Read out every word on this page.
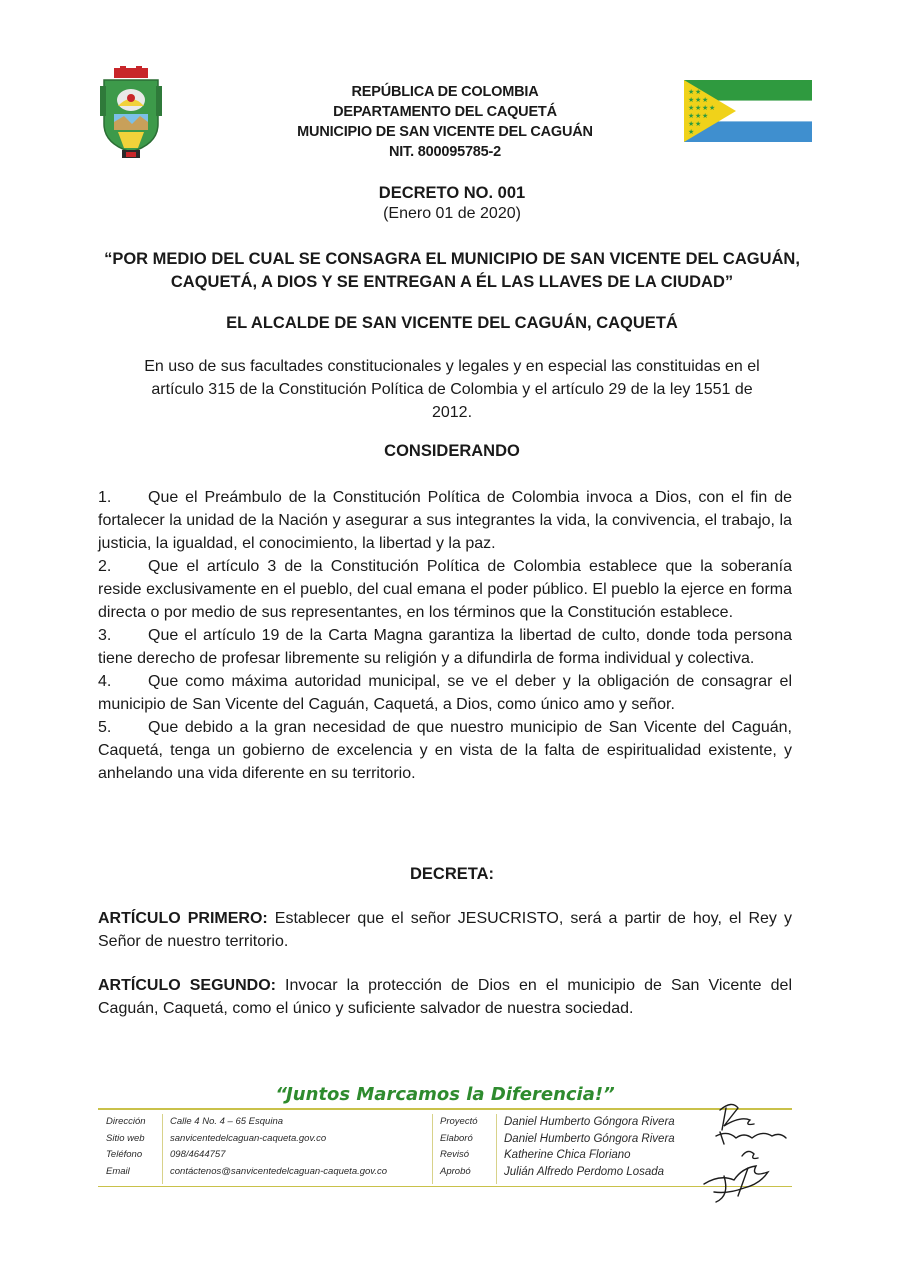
REPÚBLICA DE COLOMBIA
DEPARTAMENTO DEL CAQUETÁ
MUNICIPIO DE SAN VICENTE DEL CAGUÁN
NIT. 800095785-2
★ ★
★ ★ ★
★ ★ ★ ★
★ ★ ★
★ ★
★
DECRETO NO. 001
(Enero 01 de 2020)
“POR MEDIO DEL CUAL SE CONSAGRA EL MUNICIPIO DE SAN VICENTE DEL CAGUÁN, CAQUETÁ, A DIOS Y SE ENTREGAN A ÉL LAS LLAVES DE LA CIUDAD”
EL ALCALDE DE SAN VICENTE DEL CAGUÁN, CAQUETÁ
En uso de sus facultades constitucionales y legales y en especial las constituidas en el artículo 315 de la Constitución Política de Colombia y el artículo 29 de la ley 1551 de 2012.
CONSIDERANDO

1. Que el Preámbulo de la Constitución Política de Colombia invoca a Dios, con el fin de fortalecer la unidad de la Nación y asegurar a sus integrantes la vida, la convivencia, el trabajo, la justicia, la igualdad, el conocimiento, la libertad y la paz.

2. Que el artículo 3 de la Constitución Política de Colombia establece que la soberanía reside exclusivamente en el pueblo, del cual emana el poder público. El pueblo la ejerce en forma directa o por medio de sus representantes, en los términos que la Constitución establece.

3. Que el artículo 19 de la Carta Magna garantiza la libertad de culto, donde toda persona tiene derecho de profesar libremente su religión y a difundirla de forma individual y colectiva.

4. Que como máxima autoridad municipal, se ve el deber y la obligación de consagrar el municipio de San Vicente del Caguán, Caquetá, a Dios, como único amo y señor.

5. Que debido a la gran necesidad de que nuestro municipio de San Vicente del Caguán, Caquetá, tenga un gobierno de excelencia y en vista de la falta de espiritualidad existente, y anhelando una vida diferente en su territorio.

DECRETA:
ARTÍCULO PRIMERO: Establecer que el señor JESUCRISTO, será a partir de hoy, el Rey y Señor de nuestro territorio.
ARTÍCULO SEGUNDO: Invocar la protección de Dios en el municipio de San Vicente del Caguán, Caquetá, como el único y suficiente salvador de nuestra sociedad.
“Juntos Marcamos la Diferencia!”
Dirección	Calle 4 No. 4 – 65 Esquina	Proyectó Daniel Humberto Góngora Rivera
Sitio web	sanvicentedelcaguan-caqueta.gov.co	Elaboró	Daniel Humberto Góngora Rivera
Teléfono	098/4644757	Revisó	Katherine Chica Floriano
Email	contáctenos@sanvicentedelcaguan-caqueta.gov.co	Aprobó	Julián Alfredo Perdomo Losada
